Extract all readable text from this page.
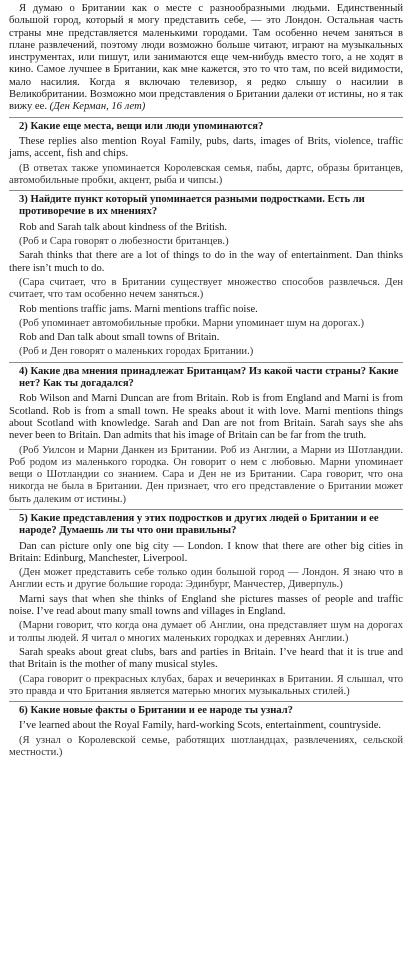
Я думаю о Британии как о месте с разнообразными людьми. Единственный большой город, который я могу представить себе, — это Лондон. Остальная часть страны мне представляется маленькими городами. Там особенно нечем заняться в плане развлечений, поэтому люди возможно больше читают, играют на музыкальных инструментах, или пишут, или занимаются еще чем-нибудь вместо того, а не ходят в кино. Самое лучшее в Британии, как мне кажется, это то что там, по всей видимости, мало насилия. Когда я включаю телевизор, я редко слышу о насилии в Великобритании. Возможно мои представления о Британии далеки от истины, но я так вижу ее. (Ден Керман, 16 лет)

2) Какие еще места, вещи или люди упоминаются?

These replies also mention Royal Family, pubs, darts, images of Brits, violence, traffic jams, accent, fish and chips.

(В ответах также упоминается Королевская семья, пабы, дартс, образы британцев, автомобильные пробки, акцент, рыба и чипсы.)

3) Найдите пункт который упоминается разными подростками. Есть ли противоречие в их мнениях?

Rob and Sarah talk about kindness of the British.

(Роб и Сара говорят о любезности британцев.)

Sarah thinks that there are a lot of things to do in the way of entertainment. Dan thinks there isn’t much to do.

(Сара считает, что в Британии существует множество способов развлечься. Ден считает, что там особенно нечем заняться.)

Rob mentions traffic jams. Marni mentions traffic noise.

(Роб упоминает автомобильные пробки. Марни упоминает шум на дорогах.)

Rob and Dan talk about small towns of Britain.

(Роб и Ден говорят о маленьких городах Британии.)

4) Какие два мнения принадлежат Британцам? Из какой части страны? Какие нет? Как ты догадался?

Rob Wilson and Marni Duncan are from Britain. Rob is from England and Marni is from Scotland. Rob is from a small town. He speaks about it with love. Marni mentions things about Scotland with knowledge. Sarah and Dan are not from Britain. Sarah says she ahs never been to Britain. Dan admits that his image of Britain can be far from the truth.

(Роб Уилсон и Марни Данкен из Британии. Роб из Англии, а Марни из Шотландии. Роб родом из маленького городка. Он говорит о нем с любовью. Марни упоминает вещи о Шотландии со знанием. Сара и Ден не из Британии. Сара говорит, что она никогда не была в Британии. Ден признает, что его представление о Британии может быть далеким от истины.)

5) Какие представления у этих подростков и других людей о Британии и ее народе? Думаешь ли ты что они правильны?

Dan can picture only one big city — London. I know that there are other big cities in Britain: Edinburg, Manchester, Liverpool.

(Ден может представить себе только один большой город — Лондон. Я знаю что в Англии есть и другие большие города: Эдинбург, Манчестер, Диверпуль.)

Marni says that when she thinks of England she pictures masses of people and traffic noise. I’ve read about many small towns and villages in England.

(Марни говорит, что когда она думает об Англии, она представляет шум на дорогах и толпы людей. Я читал о многих маленьких городках и деревнях Англии.)

Sarah speaks about great clubs, bars and parties in Britain. I’ve heard that it is true and that Britain is the mother of many musical styles.

(Сара говорит о прекрасных клубах, барах и вечеринках в Британии. Я слышал, что это правда и что Британия является матерью многих музыкальных стилей.)

6) Какие новые факты о Британии и ее народе ты узнал?

I’ve learned about the Royal Family, hard-working Scots, entertainment, countryside.

(Я узнал о Королевской семье, работящих шотландцах, развлечениях, сельской местности.)
